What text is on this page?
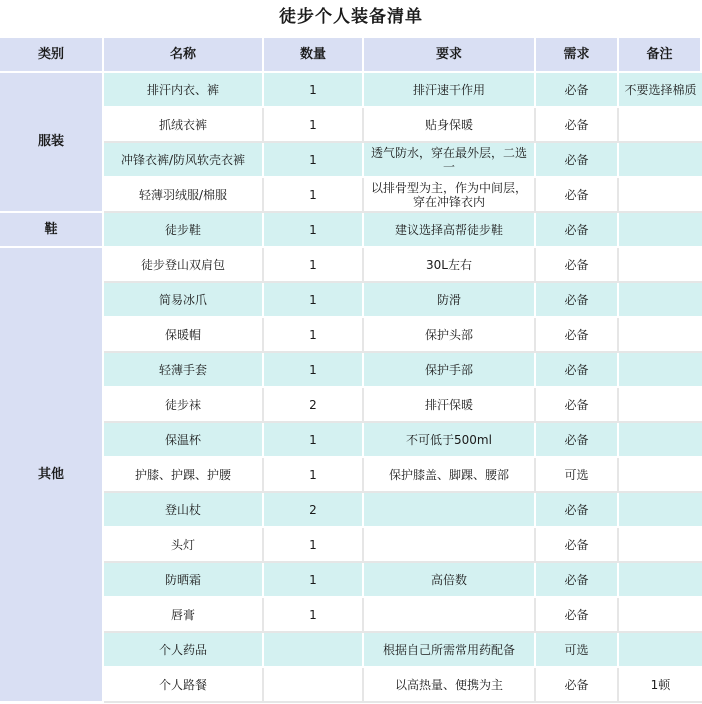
徒步个人装备清单
类别	名称	数量	要求	需求	备注
服装	排汗内衣、裤	1	排汗速干作用	必备	不要选择棉质
	抓绒衣裤	1	贴身保暖	必备	
	冲锋衣裤/防风软壳衣裤	1	透气防水，穿在最外层，二选一	必备	
	轻薄羽绒服/棉服	1	以排骨型为主，作为中间层，穿在冲锋衣内	必备	
鞋	徒步鞋	1	建议选择高帮徒步鞋	必备	
其他	徒步登山双肩包	1	30L左右	必备	
	简易冰爪	1	防滑	必备	
	保暖帽	1	保护头部	必备	
	轻薄手套	1	保护手部	必备	
	徒步袜	2	排汗保暖	必备	
	保温杯	1	不可低于500ml	必备	
	护膝、护踝、护腰	1	保护膝盖、脚踝、腰部	可选	
	登山杖	2		必备	
	头灯	1		必备	
	防晒霜	1	高倍数	必备	
	唇膏	1		必备	
	个人药品		根据自己所需常用药配备	可选	
	个人路餐		以高热量、便携为主	必备	1顿
